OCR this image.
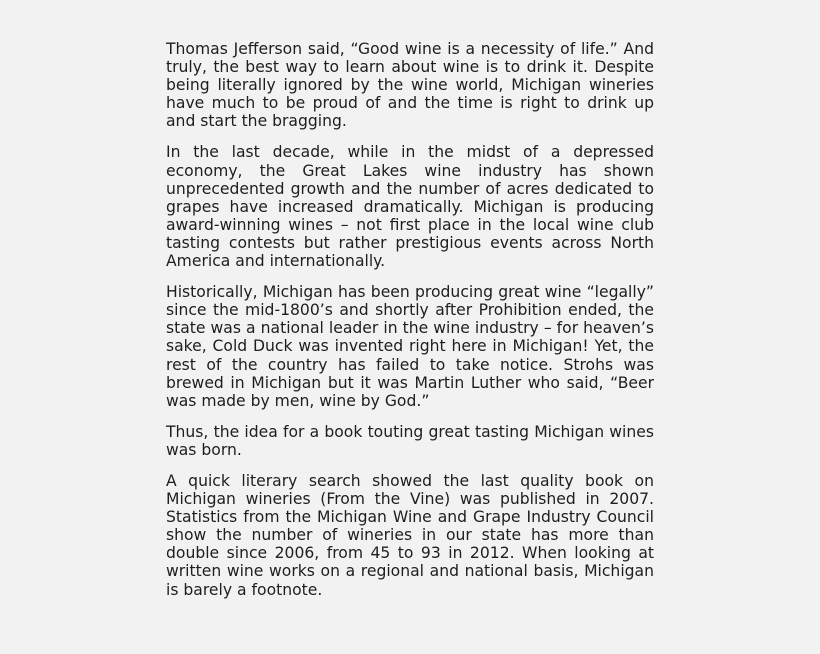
Thomas Jefferson said, “Good wine is a necessity of life.” And truly, the best way to learn about wine is to drink it. Despite being literally ignored by the wine world, Michigan wineries have much to be proud of and the time is right to drink up and start the bragging.

In the last decade, while in the midst of a depressed economy, the Great Lakes wine industry has shown unprecedented growth and the number of acres dedicated to grapes have increased dramatically. Michigan is producing award-winning wines – not first place in the local wine club tasting contests but rather prestigious events across North America and internationally.

Historically, Michigan has been producing great wine “legally” since the mid-1800’s and shortly after Prohibition ended, the state was a national leader in the wine industry – for heaven’s sake, Cold Duck was invented right here in Michigan! Yet, the rest of the country has failed to take notice. Strohs was brewed in Michigan but it was Martin Luther who said, “Beer was made by men, wine by God.”

Thus, the idea for a book touting great tasting Michigan wines was born.

A quick literary search showed the last quality book on Michigan wineries (From the Vine) was published in 2007. Statistics from the Michigan Wine and Grape Industry Council show the number of wineries in our state has more than double since 2006, from 45 to 93 in 2012. When looking at written wine works on a regional and national basis, Michigan is barely a footnote.
